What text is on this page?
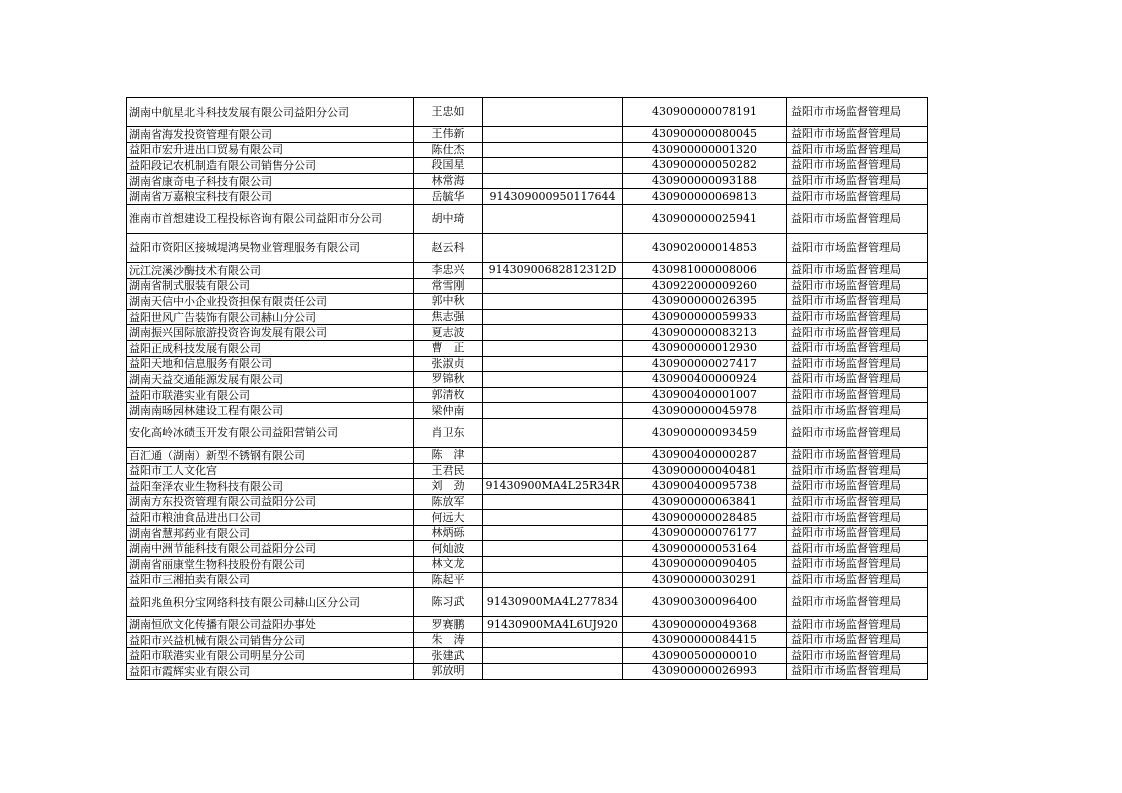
湖南中航星北斗科技发展有限公司益阳分公司	王忠如		430900000078191	益阳市市场监督管理局
湖南省海发投资管理有限公司	王伟新		430900000080045	益阳市市场监督管理局
益阳市宏升进出口贸易有限公司	陈仕杰		430900000001320	益阳市市场监督管理局
益阳段记农机制造有限公司销售分公司	段国星		430900000050282	益阳市市场监督管理局
湖南省康奇电子科技有限公司	林常海		430900000093188	益阳市市场监督管理局
湖南省万嘉粮宝科技有限公司	岳毓华	914309000950117644	430900000069813	益阳市市场监督管理局
淮南市首想建设工程投标咨询有限公司益阳市分公司	胡中琦		430900000025941	益阳市市场监督管理局
益阳市资阳区接城堤鸿昊物业管理服务有限公司	赵云科		430902000014853	益阳市市场监督管理局
沅江浣溪沙酶技术有限公司	李忠兴	91430900682812312D	430981000008006	益阳市市场监督管理局
湖南省制式服装有限公司	常雪刚		430922000009260	益阳市市场监督管理局
湖南天信中小企业投资担保有限责任公司	郭中秋		430900000026395	益阳市市场监督管理局
益阳世风广告装饰有限公司赫山分公司	焦志强		430900000059933	益阳市市场监督管理局
湖南振兴国际旅游投资咨询发展有限公司	夏志波		430900000083213	益阳市市场监督管理局
益阳正成科技发展有限公司	曹　正		430900000012930	益阳市市场监督管理局
益阳天地和信息服务有限公司	张淑贞		430900000027417	益阳市市场监督管理局
湖南天益交通能源发展有限公司	罗锦秋		430900400000924	益阳市市场监督管理局
益阳市联港实业有限公司	郭清枚		430900400001007	益阳市市场监督管理局
湖南南旸园林建设工程有限公司	梁仲南		430900000045978	益阳市市场监督管理局
安化高岭冰碛玉开发有限公司益阳营销公司	肖卫东		430900000093459	益阳市市场监督管理局
百汇通（湖南）新型不锈钢有限公司	陈　津		430900400000287	益阳市市场监督管理局
益阳市工人文化宫	王君民		430900000040481	益阳市市场监督管理局
益阳奎泽农业生物科技有限公司	刘　劲	91430900MA4L25R34R	430900400095738	益阳市市场监督管理局
湖南方东投资管理有限公司益阳分公司	陈放军		430900000063841	益阳市市场监督管理局
益阳市粮油食品进出口公司	何远大		430900000028485	益阳市市场监督管理局
湖南省慧邦药业有限公司	林炳砾		430900000076177	益阳市市场监督管理局
湖南中洲节能科技有限公司益阳分公司	何灿波		430900000053164	益阳市市场监督管理局
湖南省丽康堂生物科技股份有限公司	林文龙		430900000090405	益阳市市场监督管理局
益阳市三湘拍卖有限公司	陈起平		430900000030291	益阳市市场监督管理局
益阳兆鱼积分宝网络科技有限公司赫山区分公司	陈习武	91430900MA4L277834	430900300096400	益阳市市场监督管理局
湖南恒欣文化传播有限公司益阳办事处	罗赛鹏	91430900MA4L6UJ920	430900000049368	益阳市市场监督管理局
益阳市兴益机械有限公司销售分公司	朱　涛		430900000084415	益阳市市场监督管理局
益阳市联港实业有限公司明星分公司	张建武		430900500000010	益阳市市场监督管理局
益阳市霞辉实业有限公司	郭放明		430900000026993	益阳市市场监督管理局
